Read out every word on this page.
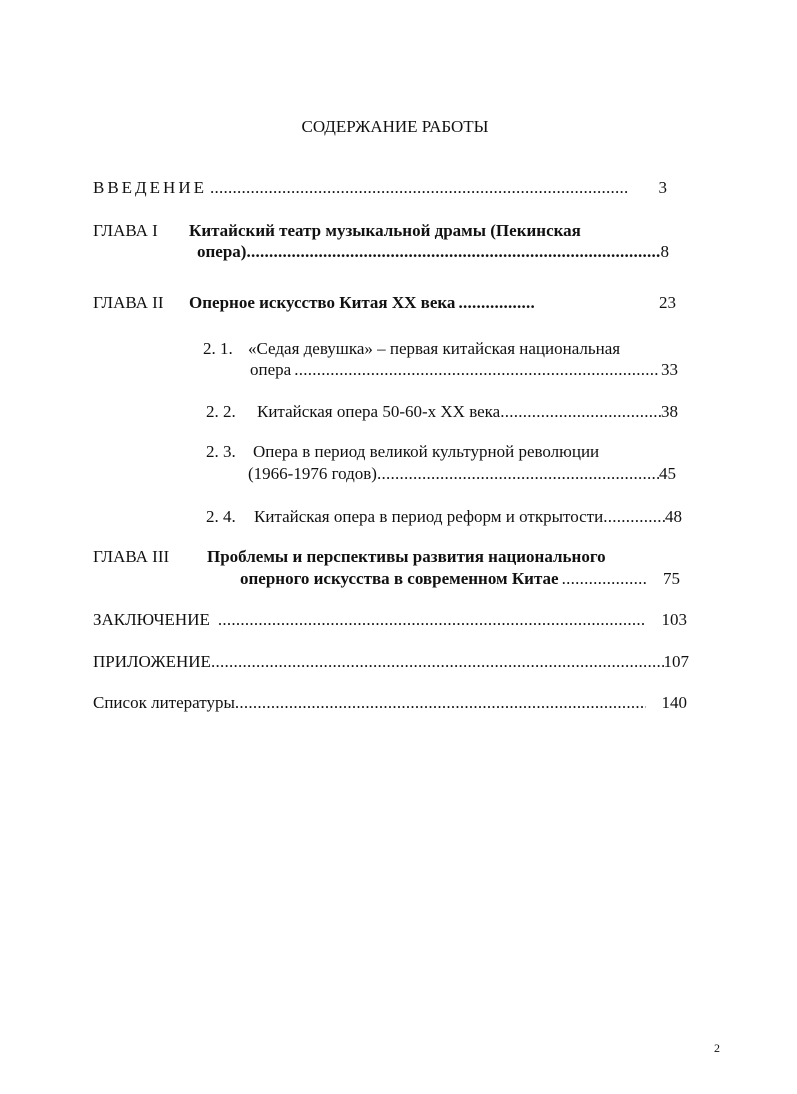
СОДЕРЖАНИЕ РАБОТЫ
ВВЕДЕНИЕ . . .	3
ГЛАВА I Китайский театр музыкальной драмы (Пекинская
опера) . . .	8
ГЛАВА II	Оперное искусство Китая XX века . . .	23
2. 1. «Седая девушка» – первая китайская национальная
опера . . .	33
2. 2.	Китайская опера 50-60-х XX века . . .	38
2. 3. Опера в период великой культурной революции
(1966-1976 годов) . . .	45
2. 4.	Китайская опера в период реформ и открытости . . .	48
ГЛАВА III Проблемы и перспективы развития национального
оперного искусства в современном Китае . . .	75
ЗАКЛЮЧЕНИЕ . . .	103
ПРИЛОЖЕНИЕ . . .	107
Список литературы . . .	140
2
